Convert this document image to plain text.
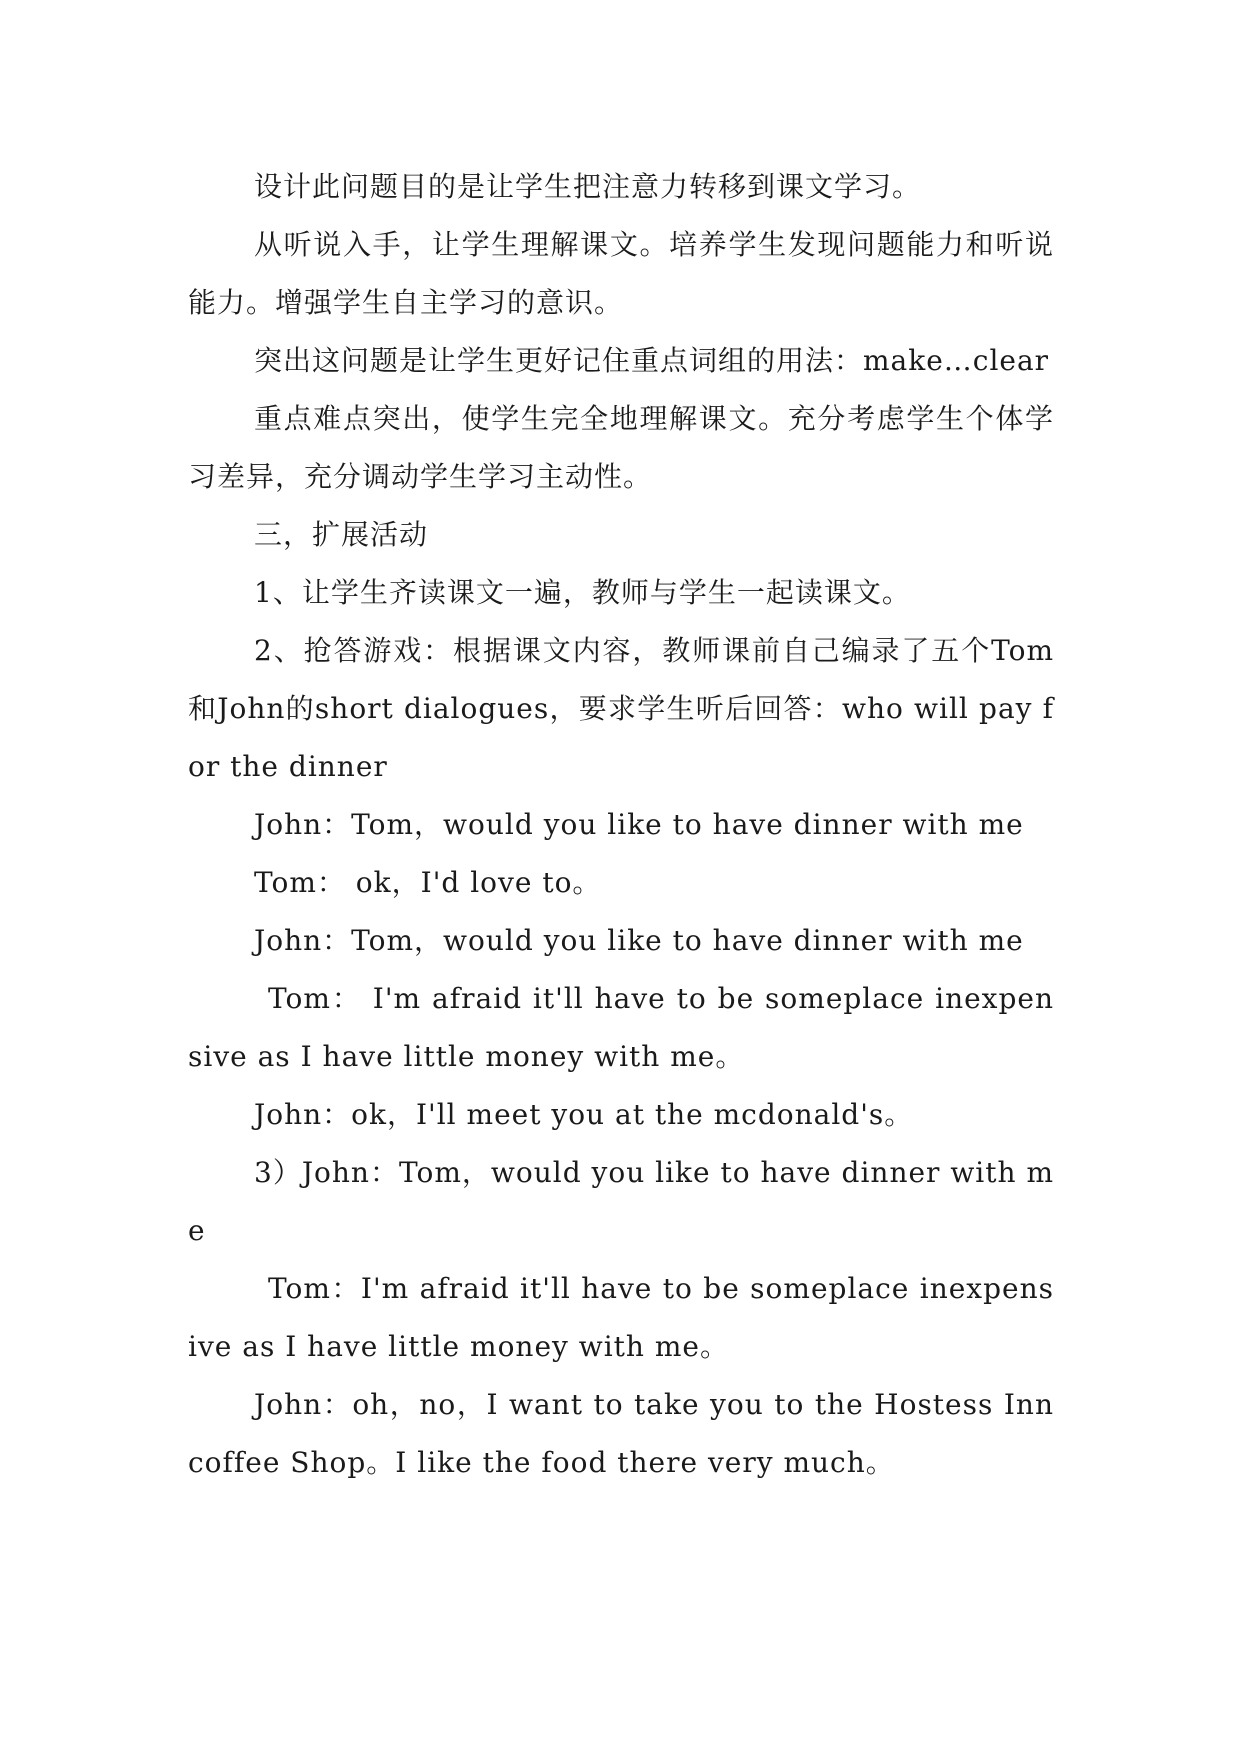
设计此问题目的是让学生把注意力转移到课文学习。

从听说入手，让学生理解课文。培养学生发现问题能力和听说能力。增强学生自主学习的意识。

突出这问题是让学生更好记住重点词组的用法：make…clear

重点难点突出，使学生完全地理解课文。充分考虑学生个体学习差异，充分调动学生学习主动性。

三，扩展活动

1、让学生齐读课文一遍，教师与学生一起读课文。

2、抢答游戏：根据课文内容，教师课前自己编录了五个Tom和John的short dialogues，要求学生听后回答：who will pay for the dinner

John：Tom，would you like to have dinner with me

Tom： ok，I'd love to。

John：Tom，would you like to have dinner with me

Tom： I'm afraid it'll have to be someplace inexpensive as I have little money with me。

John：ok，I'll meet you at the mcdonald's。

3）John：Tom，would you like to have dinner with me

Tom：I'm afraid it'll have to be someplace inexpensive as I have little money with me。

John：oh，no，I want to take you to the Hostess Inn coffee Shop。I like the food there very much。
